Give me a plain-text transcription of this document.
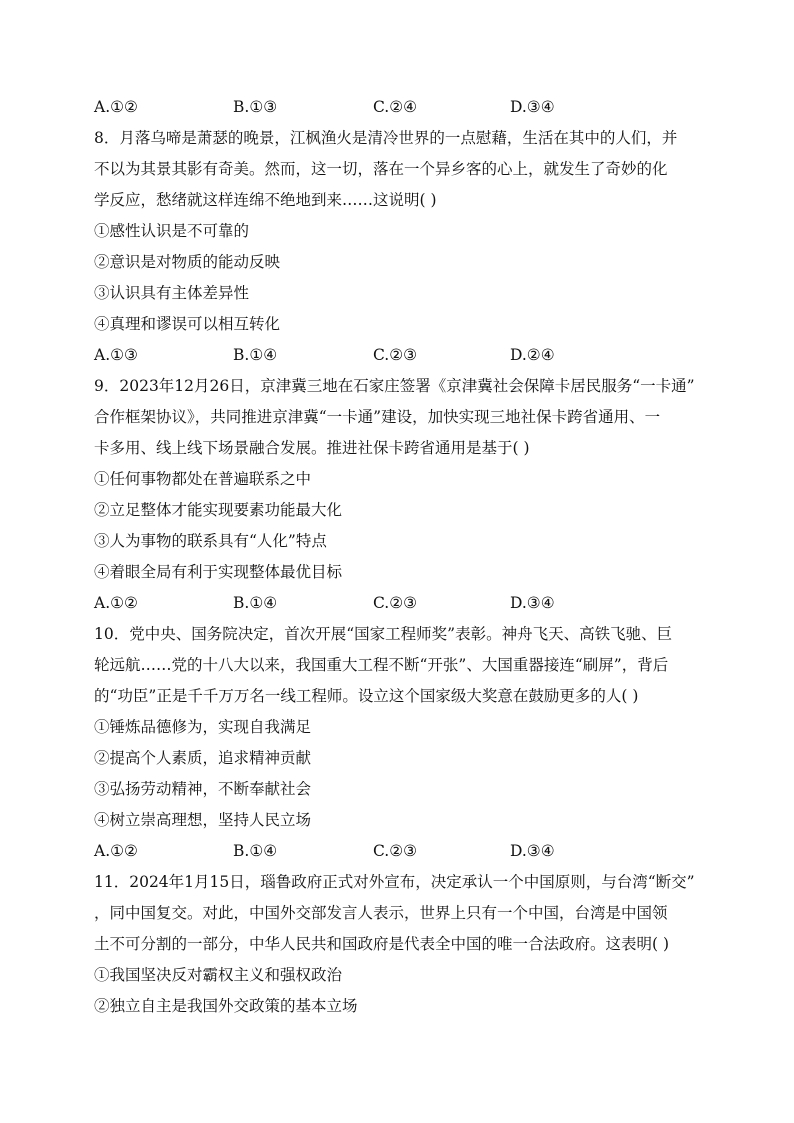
A.①②	B.①③	C.②④	D.③④
8．月落乌啼是萧瑟的晚景，江枫渔火是清冷世界的一点慰藉，生活在其中的人们，并
不以为其景其影有奇美。然而，这一切，落在一个异乡客的心上，就发生了奇妙的化
学反应，愁绪就这样连绵不绝地到来……这说明( )
①感性认识是不可靠的
②意识是对物质的能动反映
③认识具有主体差异性
④真理和谬误可以相互转化
A.①③	B.①④	C.②③	D.②④
9．2023年12月26日，京津冀三地在石家庄签署《京津冀社会保障卡居民服务“一卡通”
合作框架协议》，共同推进京津冀“一卡通”建设，加快实现三地社保卡跨省通用、一
卡多用、线上线下场景融合发展。推进社保卡跨省通用是基于( )
①任何事物都处在普遍联系之中
②立足整体才能实现要素功能最大化
③人为事物的联系具有“人化”特点
④着眼全局有利于实现整体最优目标
A.①②	B.①④	C.②③	D.③④
10．党中央、国务院决定，首次开展“国家工程师奖”表彰。神舟飞天、高铁飞驰、巨
轮远航……党的十八大以来，我国重大工程不断“开张”、大国重器接连“刷屏”，背后
的“功臣”正是千千万万名一线工程师。设立这个国家级大奖意在鼓励更多的人( )
①锤炼品德修为，实现自我满足
②提高个人素质，追求精神贡献
③弘扬劳动精神，不断奉献社会
④树立崇高理想，坚持人民立场
A.①②	B.①④	C.②③	D.③④
11．2024年1月15日，瑙鲁政府正式对外宣布，决定承认一个中国原则，与台湾“断交”
，同中国复交。对此，中国外交部发言人表示，世界上只有一个中国，台湾是中国领
土不可分割的一部分，中华人民共和国政府是代表全中国的唯一合法政府。这表明( )
①我国坚决反对霸权主义和强权政治
②独立自主是我国外交政策的基本立场
